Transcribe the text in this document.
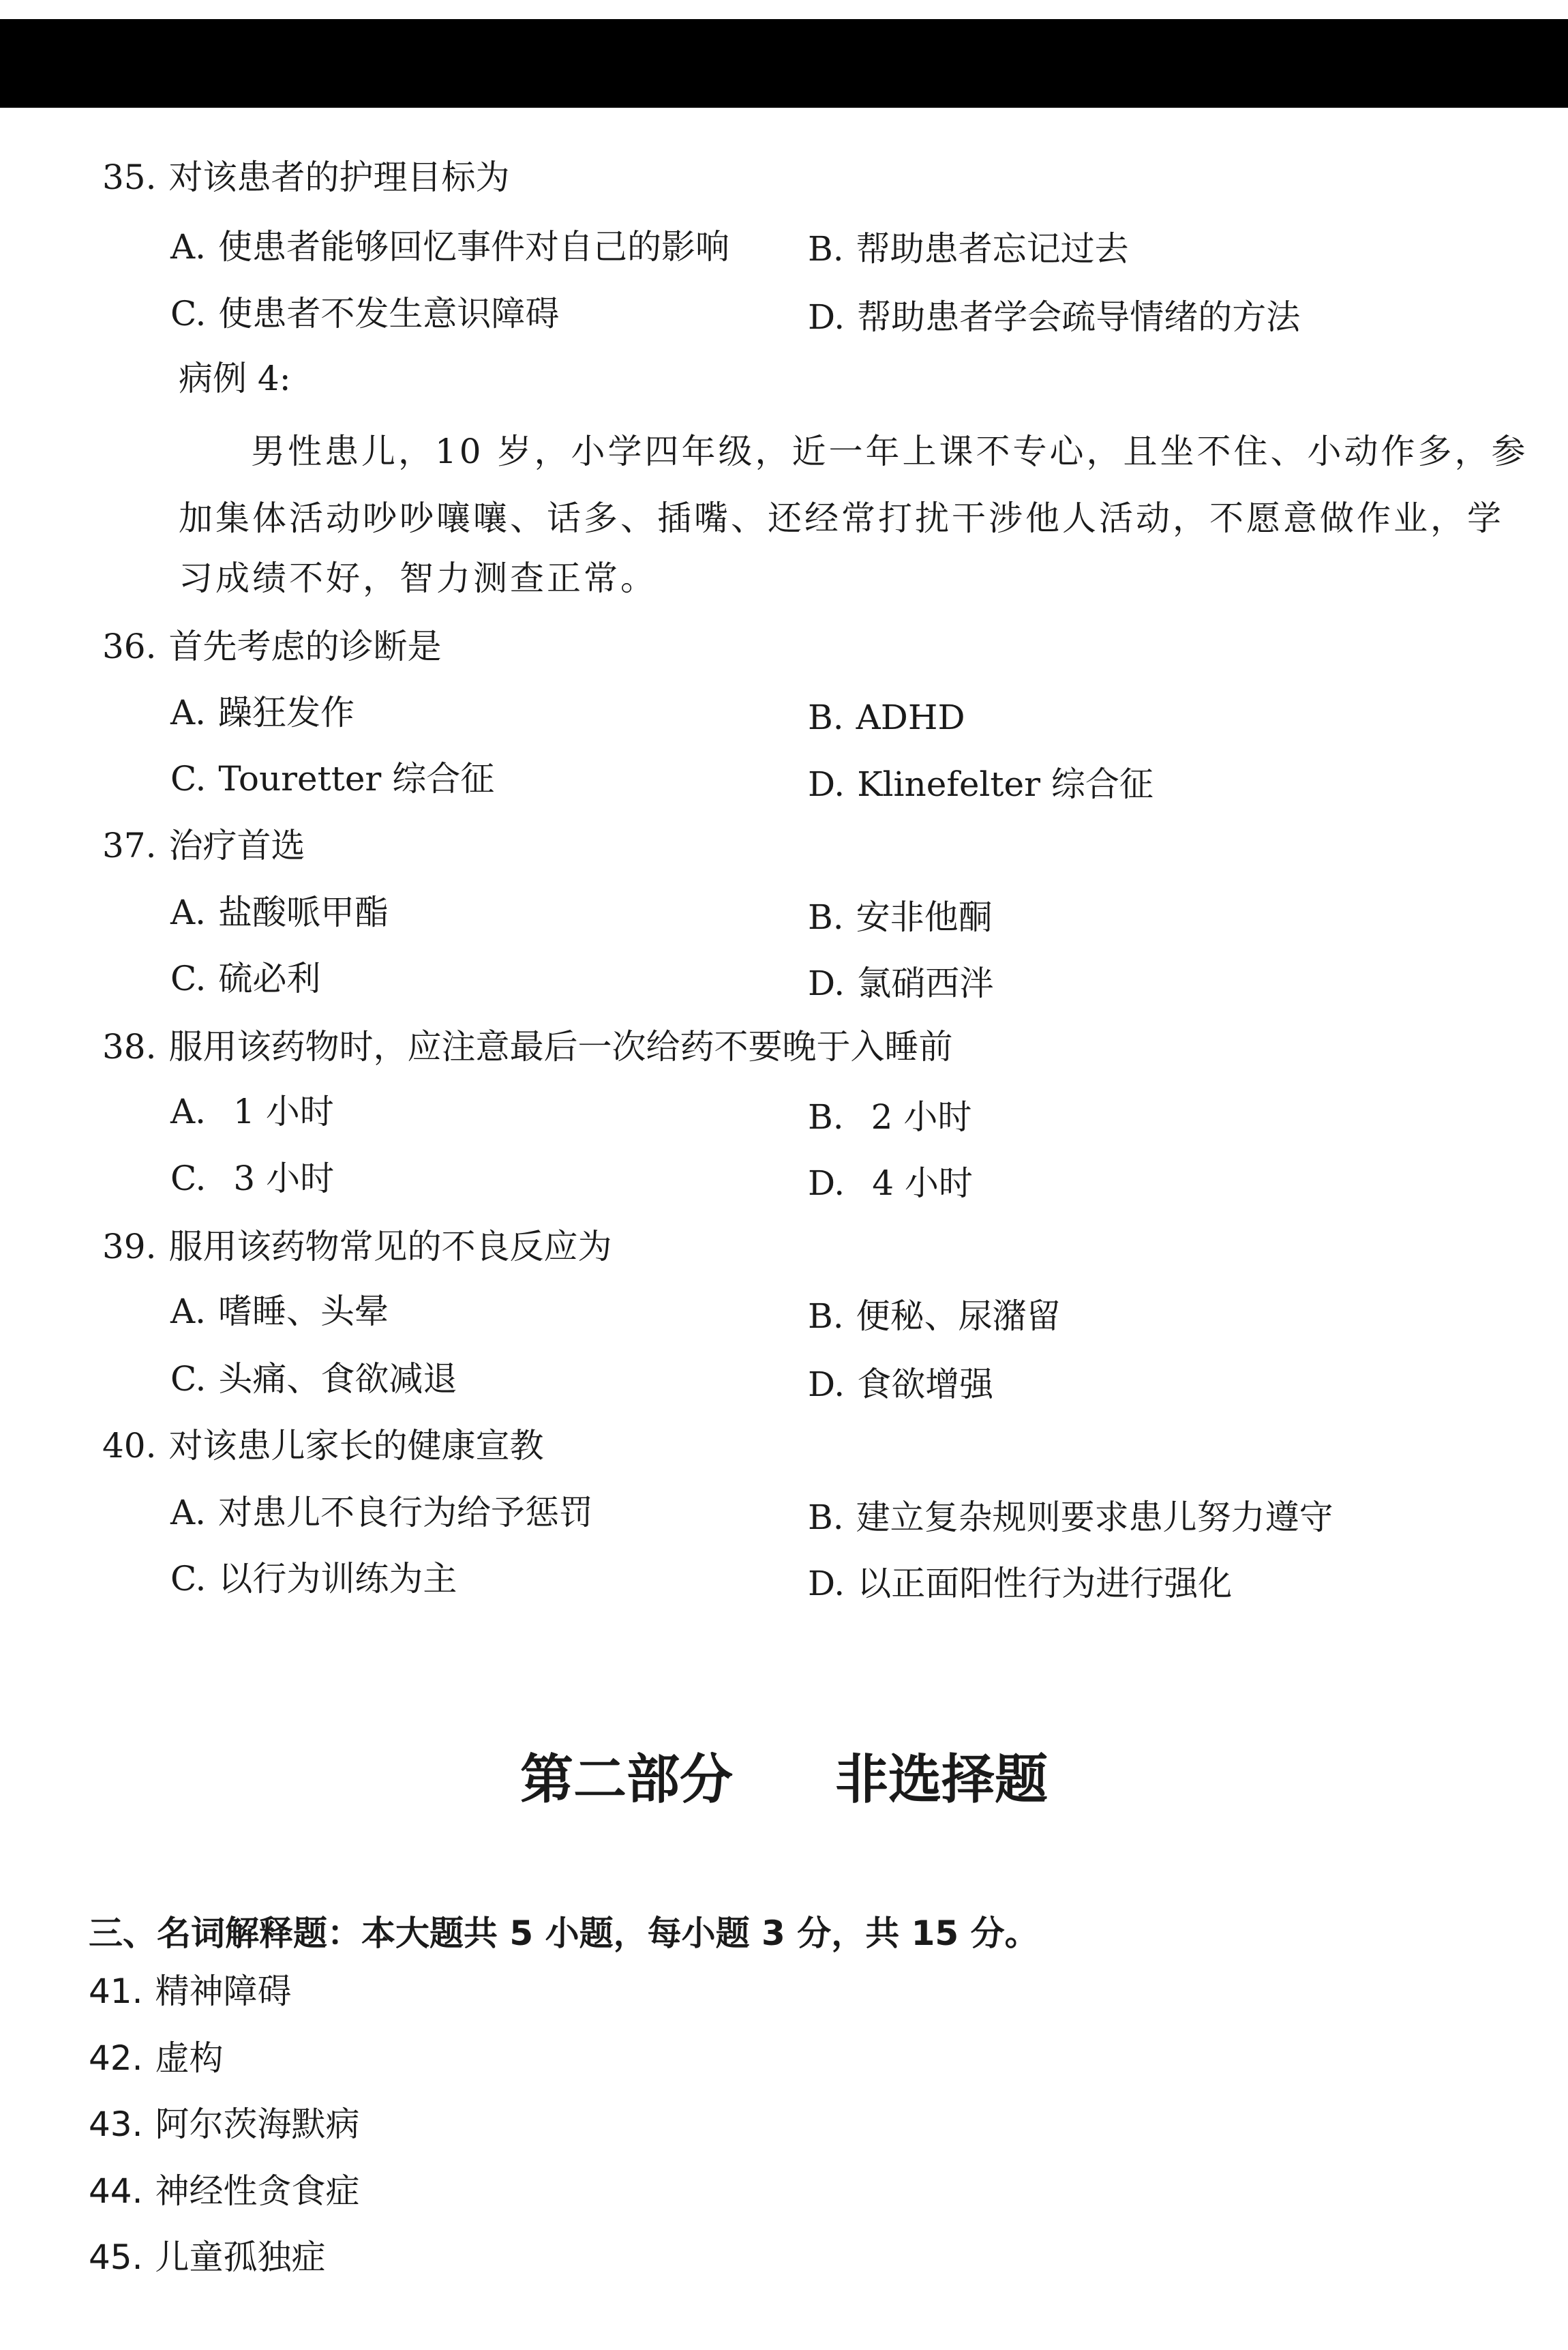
35. 对该患者的护理目标为
A. 使患者能够回忆事件对自己的影响 B. 帮助患者忘记过去
C. 使患者不发生意识障碍	D. 帮助患者学会疏导情绪的方法
病例 4:
男性患儿，10 岁，小学四年级，近一年上课不专心，且坐不住、小动作多，参
加集体活动吵吵嚷嚷、话多、插嘴、还经常打扰干涉他人活动，不愿意做作业，学
习成绩不好，智力测查正常。
36. 首先考虑的诊断是
A. 躁狂发作	B. ADHD
C. Touretter 综合征	D. Klinefelter 综合征
37. 治疗首选
A. 盐酸哌甲酯	B. 安非他酮
C. 硫必利	D. 氯硝西泮
38. 服用该药物时，应注意最后一次给药不要晚于入睡前
A. 1 小时	B. 2 小时
C. 3 小时	D. 4 小时
39. 服用该药物常见的不良反应为
A. 嗜睡、头晕	B. 便秘、尿潴留
C. 头痛、食欲减退	D. 食欲增强
40. 对该患儿家长的健康宣教
A. 对患儿不良行为给予惩罚	B. 建立复杂规则要求患儿努力遵守
C. 以行为训练为主	D. 以正面阳性行为进行强化
第二部分 非选择题
三、名词解释题：本大题共 5 小题，每小题 3 分，共 15 分。
41. 精神障碍
42. 虚构
43. 阿尔茨海默病
44. 神经性贪食症
45. 儿童孤独症
